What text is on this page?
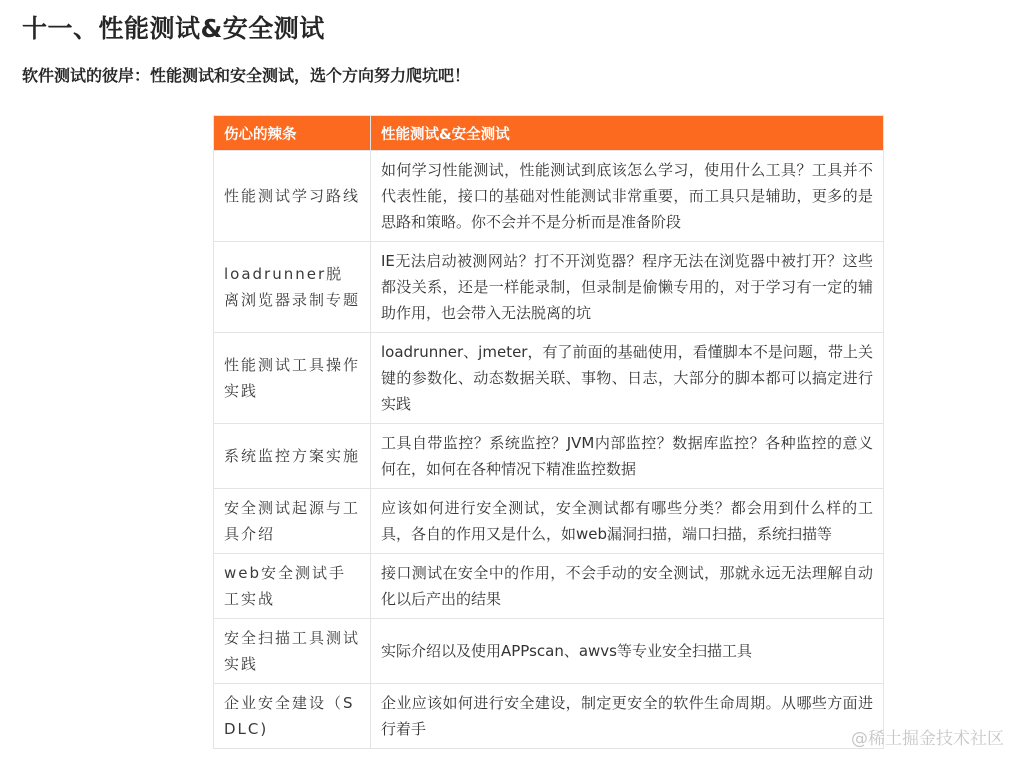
十一、性能测试&安全测试
软件测试的彼岸：性能测试和安全测试，选个方向努力爬坑吧！
伤心的辣条	性能测试&安全测试
性能测试学习路线	如何学习性能测试，性能测试到底该怎么学习，使用什么工具？工具并不代表性能，接口的基础对性能测试非常重要，而工具只是辅助，更多的是思路和策略。你不会并不是分析而是准备阶段
loadrunner脱离浏览器录制专题	IE无法启动被测网站？打不开浏览器？程序无法在浏览器中被打开？这些都没关系，还是一样能录制，但录制是偷懒专用的，对于学习有一定的辅助作用，也会带入无法脱离的坑
性能测试工具操作实践	loadrunner、jmeter，有了前面的基础使用，看懂脚本不是问题，带上关键的参数化、动态数据关联、事物、日志，大部分的脚本都可以搞定进行实践
系统监控方案实施	工具自带监控？系统监控？JVM内部监控？数据库监控？各种监控的意义何在，如何在各种情况下精准监控数据
安全测试起源与工具介绍	应该如何进行安全测试，安全测试都有哪些分类？都会用到什么样的工具，各自的作用又是什么，如web漏洞扫描，端口扫描，系统扫描等
web安全测试手工实战	接口测试在安全中的作用，不会手动的安全测试，那就永远无法理解自动化以后产出的结果
安全扫描工具测试实践	实际介绍以及使用APPscan、awvs等专业安全扫描工具
企业安全建设（SDLC)	企业应该如何进行安全建设，制定更安全的软件生命周期。从哪些方面进行着手	@稀土掘金技术社区
